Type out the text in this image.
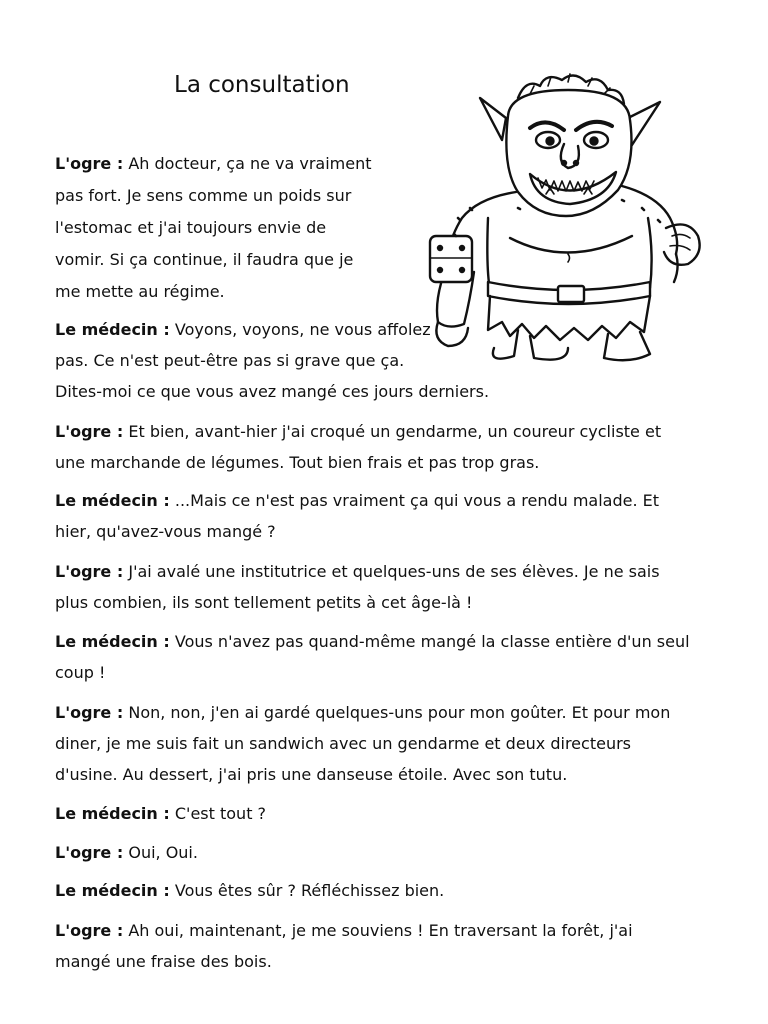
La consultation

L'ogre : Ah docteur, ça ne va vraiment
pas fort. Je sens comme un poids sur
l'estomac et j'ai toujours envie de
vomir. Si ça continue, il faudra que je
me mette au régime.

Le médecin : Voyons, voyons, ne vous affolez
pas. Ce n'est peut-être pas si grave que ça.
Dites-moi ce que vous avez mangé ces jours derniers.

L'ogre : Et bien, avant-hier j'ai croqué un gendarme, un coureur cycliste et
une marchande de légumes. Tout bien frais et pas trop gras.

Le médecin : ...Mais ce n'est pas vraiment ça qui vous a rendu malade. Et
hier, qu'avez-vous mangé ?

L'ogre : J'ai avalé une institutrice et quelques-uns de ses élèves. Je ne sais
plus combien, ils sont tellement petits à cet âge-là !

Le médecin : Vous n'avez pas quand-même mangé la classe entière d'un seul
coup !

L'ogre : Non, non, j'en ai gardé quelques-uns pour mon goûter. Et pour mon
diner, je me suis fait un sandwich avec un gendarme et deux directeurs
d'usine. Au dessert, j'ai pris une danseuse étoile. Avec son tutu.

Le médecin : C'est tout ?

L'ogre : Oui, Oui.

Le médecin : Vous êtes sûr ? Réfléchissez bien.

L'ogre : Ah oui, maintenant, je me souviens ! En traversant la forêt, j'ai
mangé une fraise des bois.
